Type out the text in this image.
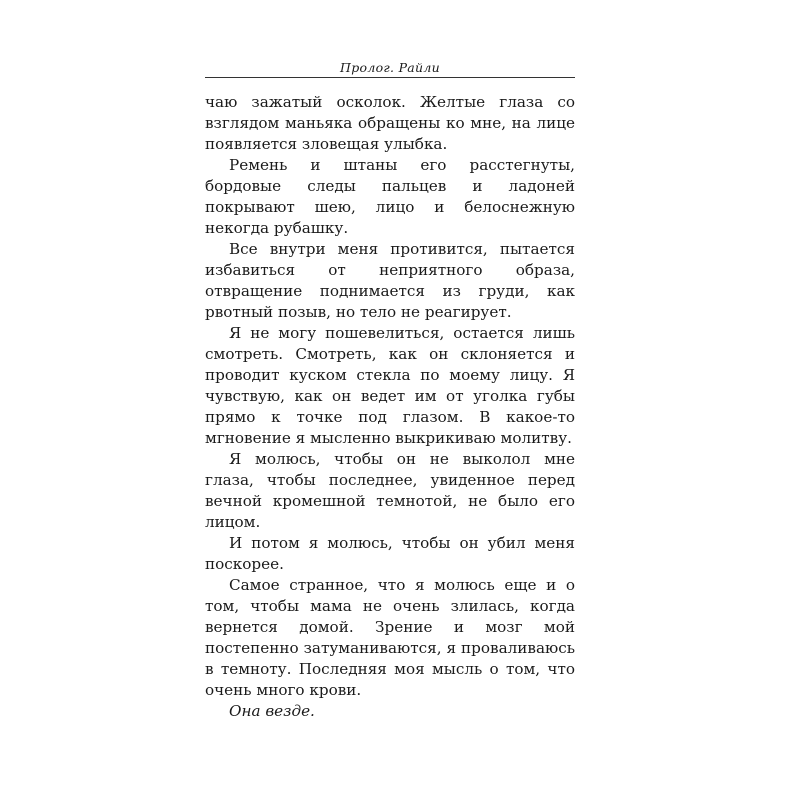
Пролог. Райли

чаю зажатый осколок. Желтые глаза со взглядом маньяка обращены ко мне, на лице появляется зловещая улыбка.

Ремень и штаны его расстегнуты, бордовые следы пальцев и ладоней покрывают шею, лицо и белоснежную некогда рубашку.

Все внутри меня противится, пытается избавиться от неприятного образа, отвращение поднимается из груди, как рвотный позыв, но тело не реагирует.

Я не могу пошевелиться, остается лишь смотреть. Смотреть, как он склоняется и проводит куском стекла по моему лицу. Я чувствую, как он ведет им от уголка губы прямо к точке под глазом. В какое-то мгновение я мысленно выкрикиваю молитву.

Я молюсь, чтобы он не выколол мне глаза, чтобы последнее, увиденное перед вечной кромешной темнотой, не было его лицом.

И потом я молюсь, чтобы он убил меня поскорее.

Самое странное, что я молюсь еще и о том, чтобы мама не очень злилась, когда вернется домой. Зрение и мозг мой постепенно затуманиваются, я проваливаюсь в темноту. Последняя моя мысль о том, что очень много крови.

Она везде.
